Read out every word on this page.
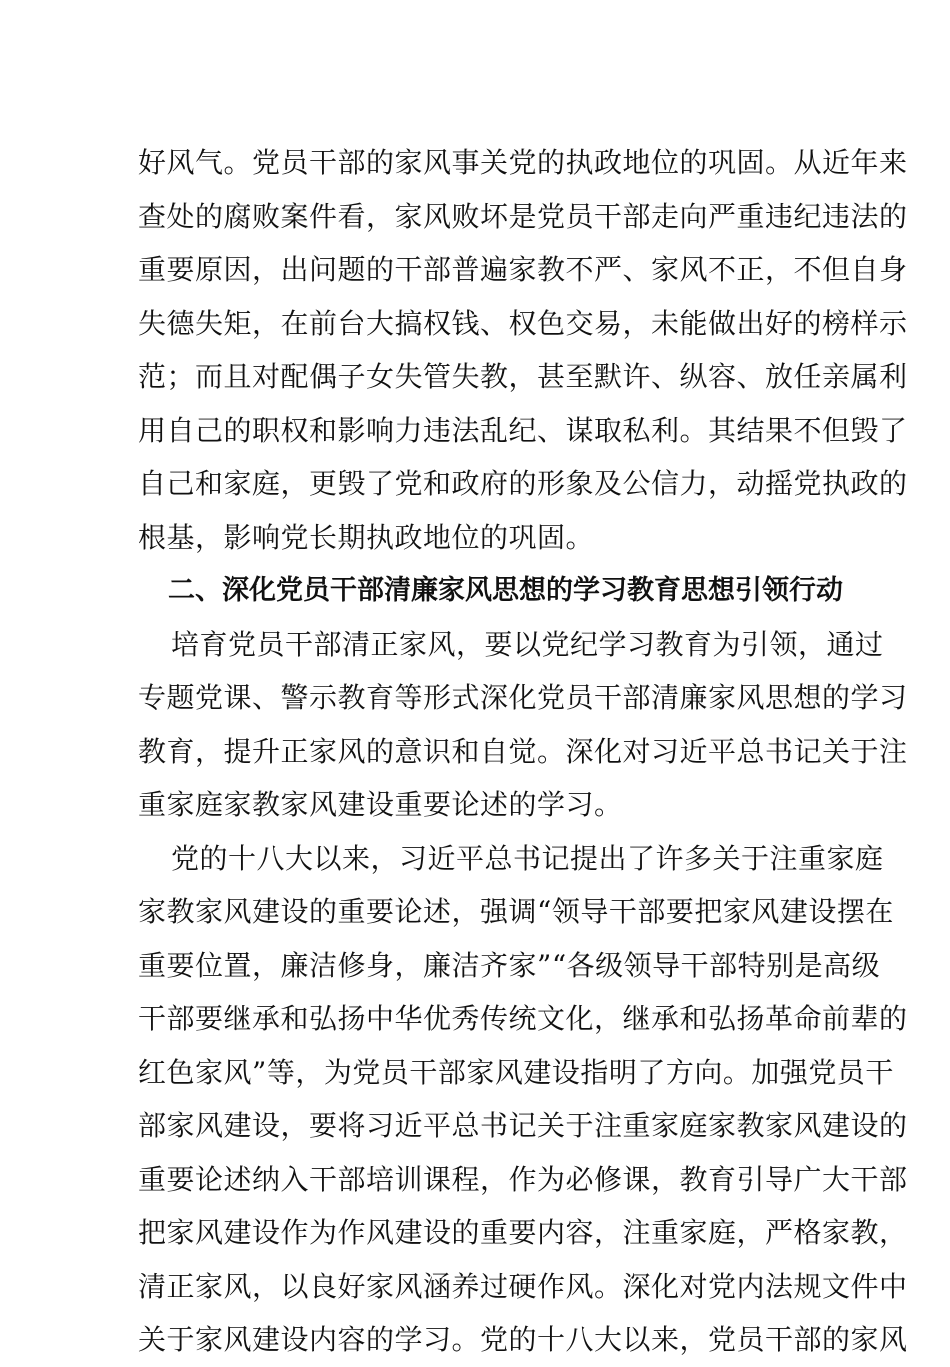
好风气。党员干部的家风事关党的执政地位的巩固。从近年来
查处的腐败案件看，家风败坏是党员干部走向严重违纪违法的
重要原因，出问题的干部普遍家教不严、家风不正，不但自身
失德失矩，在前台大搞权钱、权色交易，未能做出好的榜样示
范；而且对配偶子女失管失教，甚至默许、纵容、放任亲属利
用自己的职权和影响力违法乱纪、谋取私利。其结果不但毁了
自己和家庭，更毁了党和政府的形象及公信力，动摇党执政的
根基，影响党长期执政地位的巩固。
二、深化党员干部清廉家风思想的学习教育思想引领行动
培育党员干部清正家风，要以党纪学习教育为引领，通过
专题党课、警示教育等形式深化党员干部清廉家风思想的学习
教育，提升正家风的意识和自觉。深化对习近平总书记关于注
重家庭家教家风建设重要论述的学习。
党的十八大以来，习近平总书记提出了许多关于注重家庭
家教家风建设的重要论述，强调“领导干部要把家风建设摆在
重要位置，廉洁修身，廉洁齐家”“各级领导干部特别是高级
干部要继承和弘扬中华优秀传统文化，继承和弘扬革命前辈的
红色家风”等，为党员干部家风建设指明了方向。加强党员干
部家风建设，要将习近平总书记关于注重家庭家教家风建设的
重要论述纳入干部培训课程，作为必修课，教育引导广大干部
把家风建设作为作风建设的重要内容，注重家庭，严格家教，
清正家风，以良好家风涵养过硬作风。深化对党内法规文件中
关于家风建设内容的学习。党的十八大以来，党员干部的家风
